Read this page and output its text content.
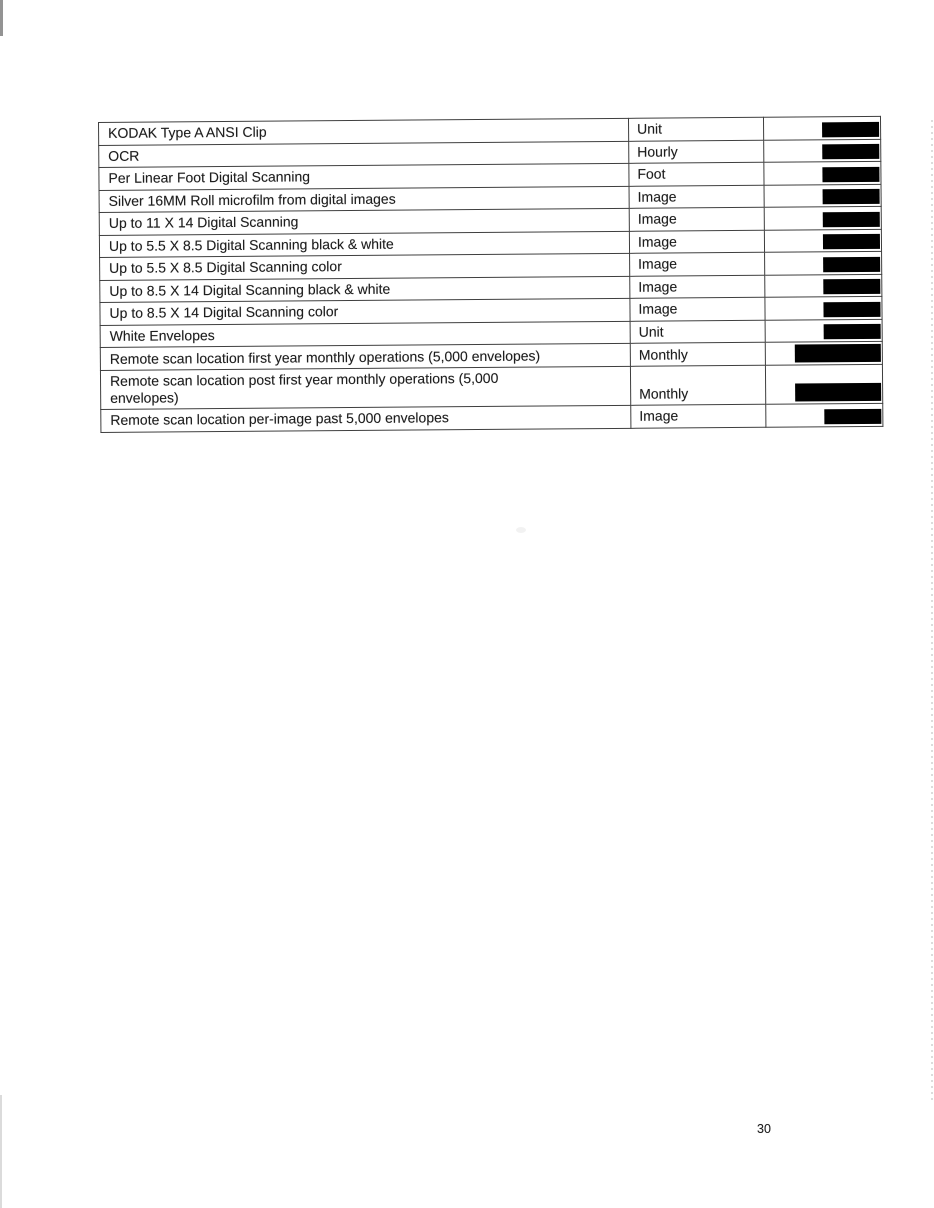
KODAK Type A ANSI Clip	Unit	
OCR	Hourly	
Per Linear Foot Digital Scanning	Foot	
Silver 16MM Roll microfilm from digital images	Image	
Up to 11 X 14 Digital Scanning	Image	
Up to 5.5 X 8.5 Digital Scanning black & white	Image	
Up to 5.5 X 8.5 Digital Scanning color	Image	
Up to 8.5 X 14 Digital Scanning black & white	Image	
Up to 8.5 X 14 Digital Scanning color	Image	
White Envelopes	Unit	
Remote scan location first year monthly operations (5,000 envelopes)	Monthly	
Remote scan location post first year monthly operations (5,000
envelopes)	Monthly	
Remote scan location per-image past 5,000 envelopes	Image	
30
